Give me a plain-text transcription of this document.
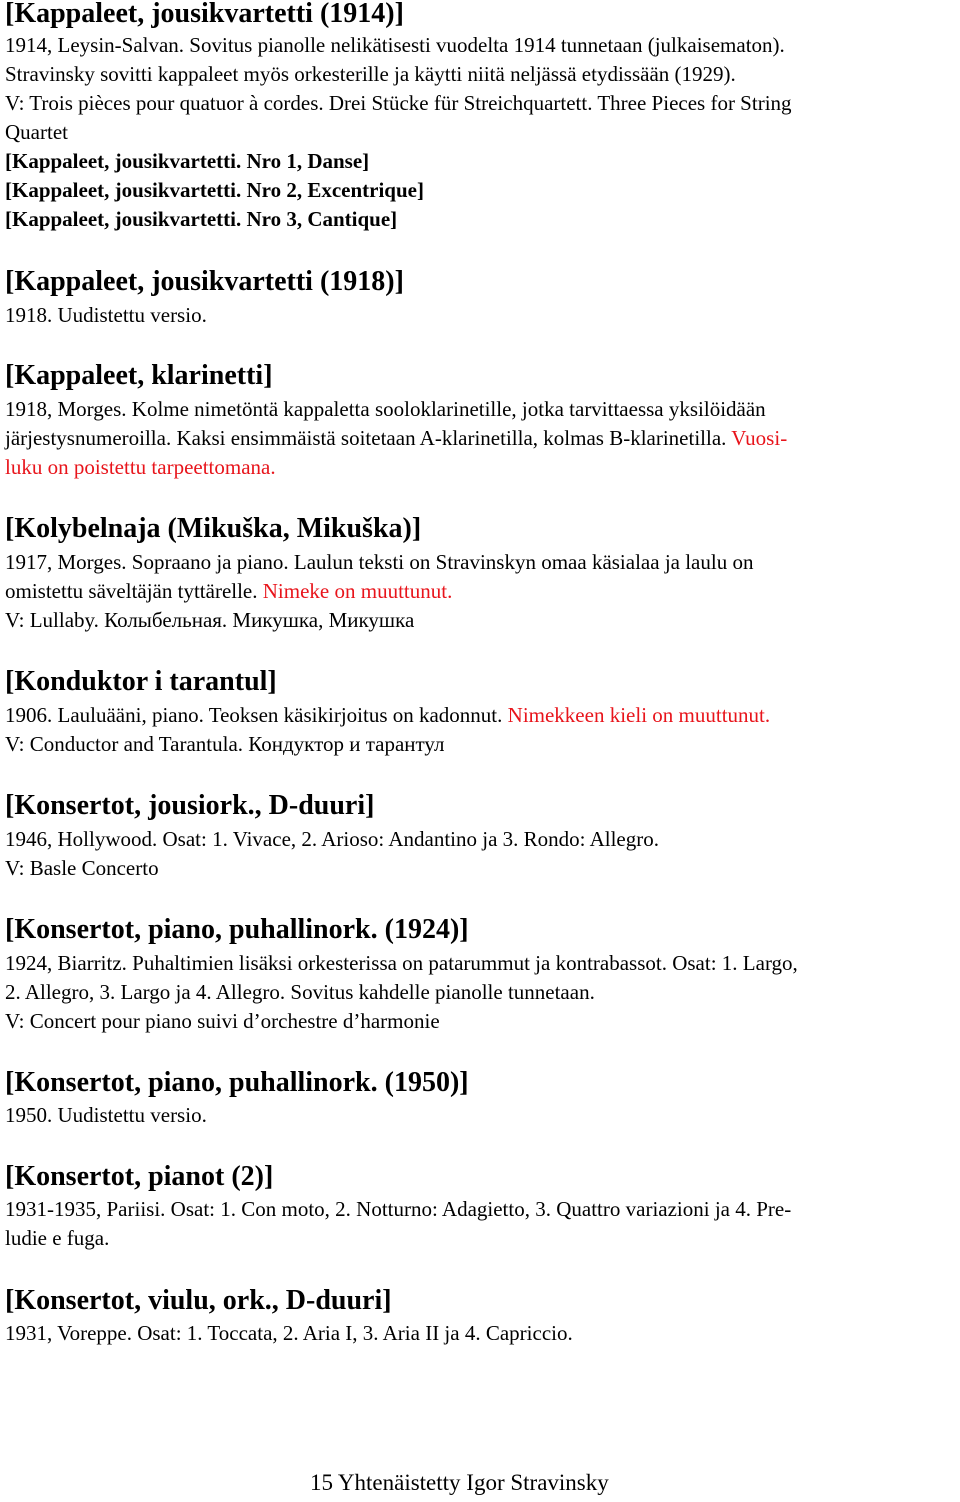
[Kappaleet, jousikvartetti (1914)]
1914, Leysin-Salvan. Sovitus pianolle nelikätisesti vuodelta 1914 tunnetaan (julkaisematon).
Stravinsky sovitti kappaleet myös orkesterille ja käytti niitä neljässä etydissään (1929).
V: Trois pièces pour quatuor à cordes. Drei Stücke für Streichquartett. Three Pieces for String
Quartet
[Kappaleet, jousikvartetti. Nro 1, Danse]
[Kappaleet, jousikvartetti. Nro 2, Excentrique]
[Kappaleet, jousikvartetti. Nro 3, Cantique]
[Kappaleet, jousikvartetti (1918)]
1918. Uudistettu versio.
[Kappaleet, klarinetti]
1918, Morges. Kolme nimetöntä kappaletta sooloklarinetille, jotka tarvittaessa yksilöidään
järjestysnumeroilla. Kaksi ensimmäistä soitetaan A-klarinetilla, kolmas B-klarinetilla. Vuosi-
luku on poistettu tarpeettomana.
[Kolybelnaja (Mikuška, Mikuška)]
1917, Morges. Sopraano ja piano. Laulun teksti on Stravinskyn omaa käsialaa ja laulu on
omistettu säveltäjän tyttärelle. Nimeke on muuttunut.
V: Lullaby. Колыбельная. Микушка, Микушка
[Konduktor i tarantul]
1906. Lauluääni, piano. Teoksen käsikirjoitus on kadonnut. Nimekkeen kieli on muuttunut.
V: Conductor and Tarantula. Кондуктор и тарантул
[Konsertot, jousiork., D-duuri]
1946, Hollywood. Osat: 1. Vivace, 2. Arioso: Andantino ja 3. Rondo: Allegro.
V: Basle Concerto
[Konsertot, piano, puhallinork. (1924)]
1924, Biarritz. Puhaltimien lisäksi orkesterissa on patarummut ja kontrabassot. Osat: 1. Largo,
2. Allegro, 3. Largo ja 4. Allegro. Sovitus kahdelle pianolle tunnetaan.
V: Concert pour piano suivi d’orchestre d’harmonie
[Konsertot, piano, puhallinork. (1950)]
1950. Uudistettu versio.
[Konsertot, pianot (2)]
1931-1935, Pariisi. Osat: 1. Con moto, 2. Notturno: Adagietto, 3. Quattro variazioni ja 4. Pre-
ludie e fuga.
[Konsertot, viulu, ork., D-duuri]
1931, Voreppe. Osat: 1. Toccata, 2. Aria I, 3. Aria II ja 4. Capriccio.
15 Yhtenäistetty Igor Stravinsky
